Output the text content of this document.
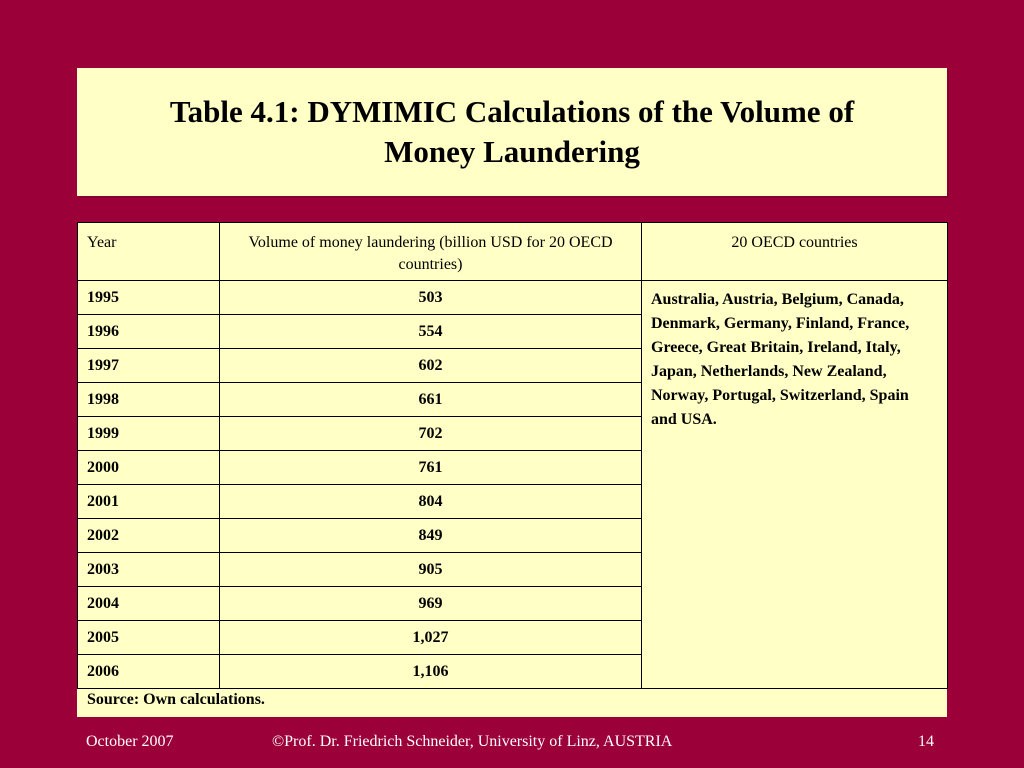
Table 4.1: DYMIMIC Calculations of the Volume of
Money Laundering
Year	Volume of money laundering (billion USD for 20 OECD countries)	20 OECD countries
1995	503	Australia, Austria, Belgium, Canada, Denmark, Germany, Finland, France, Greece, Great Britain, Ireland, Italy, Japan, Netherlands, New Zealand, Norway, Portugal, Switzerland, Spain and USA.
1996	554	
1997	602	
1998	661	
1999	702	
2000	761	
2001	804	
2002	849	
2003	905	
2004	969	
2005	1,027	
2006	1,106	
Source: Own calculations.
October 2007	©Prof. Dr. Friedrich Schneider, University of Linz, AUSTRIA	14
